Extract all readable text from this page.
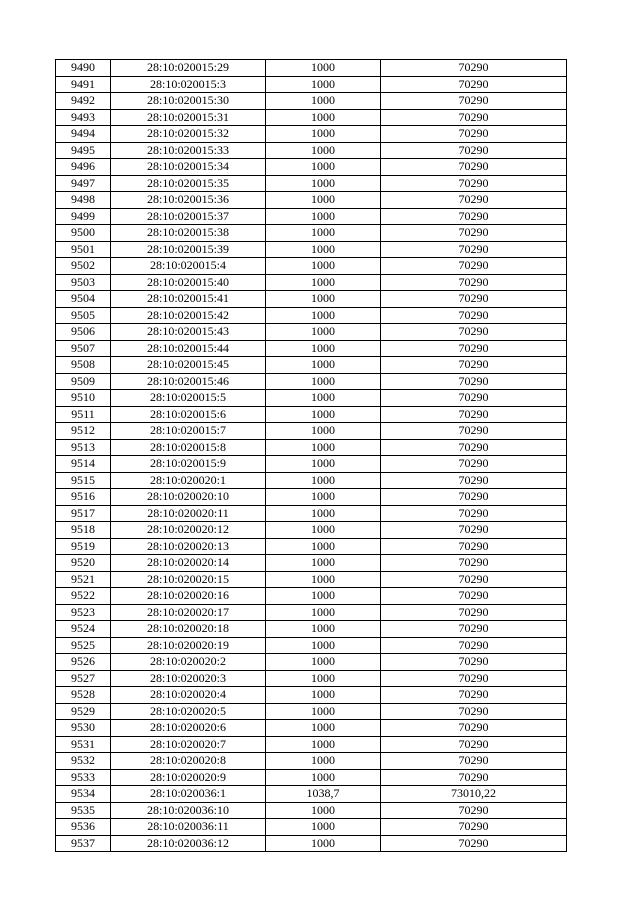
9490	28:10:020015:29	1000	70290
9491	28:10:020015:3	1000	70290
9492	28:10:020015:30	1000	70290
9493	28:10:020015:31	1000	70290
9494	28:10:020015:32	1000	70290
9495	28:10:020015:33	1000	70290
9496	28:10:020015:34	1000	70290
9497	28:10:020015:35	1000	70290
9498	28:10:020015:36	1000	70290
9499	28:10:020015:37	1000	70290
9500	28:10:020015:38	1000	70290
9501	28:10:020015:39	1000	70290
9502	28:10:020015:4	1000	70290
9503	28:10:020015:40	1000	70290
9504	28:10:020015:41	1000	70290
9505	28:10:020015:42	1000	70290
9506	28:10:020015:43	1000	70290
9507	28:10:020015:44	1000	70290
9508	28:10:020015:45	1000	70290
9509	28:10:020015:46	1000	70290
9510	28:10:020015:5	1000	70290
9511	28:10:020015:6	1000	70290
9512	28:10:020015:7	1000	70290
9513	28:10:020015:8	1000	70290
9514	28:10:020015:9	1000	70290
9515	28:10:020020:1	1000	70290
9516	28:10:020020:10	1000	70290
9517	28:10:020020:11	1000	70290
9518	28:10:020020:12	1000	70290
9519	28:10:020020:13	1000	70290
9520	28:10:020020:14	1000	70290
9521	28:10:020020:15	1000	70290
9522	28:10:020020:16	1000	70290
9523	28:10:020020:17	1000	70290
9524	28:10:020020:18	1000	70290
9525	28:10:020020:19	1000	70290
9526	28:10:020020:2	1000	70290
9527	28:10:020020:3	1000	70290
9528	28:10:020020:4	1000	70290
9529	28:10:020020:5	1000	70290
9530	28:10:020020:6	1000	70290
9531	28:10:020020:7	1000	70290
9532	28:10:020020:8	1000	70290
9533	28:10:020020:9	1000	70290
9534	28:10:020036:1	1038,7	73010,22
9535	28:10:020036:10	1000	70290
9536	28:10:020036:11	1000	70290
9537	28:10:020036:12	1000	70290
